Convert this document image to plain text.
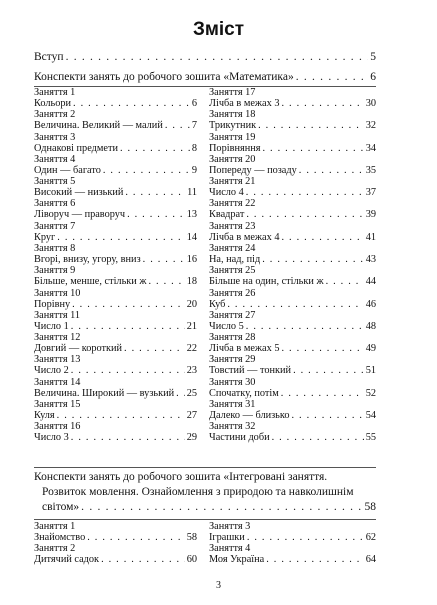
Зміст
Вступ . . .	5
Конспекти занять до робочого зошита «Математика» . . .	6
Заняття 1
Кольори . . .	6
Заняття 2
Величина. Великий — малий . . .	7
Заняття 3
Однакові предмети . . .	8
Заняття 4
Один — багато . . .	9
Заняття 5
Високий — низький . . .	11
Заняття 6
Ліворуч — праворуч . . .	13
Заняття 7
Круг . . .	14
Заняття 8
Вгорі, внизу, угору, вниз . . .	16
Заняття 9
Більше, менше, стільки ж . . .	18
Заняття 10
Порівну . . .	20
Заняття 11
Число 1 . . .	21
Заняття 12
Довгий — короткий . . .	22
Заняття 13
Число 2 . . .	23
Заняття 14
Величина. Широкий — вузький . . . 25
Заняття 15
Куля . . .	27
Заняття 16
Число 3 . . .	29
Заняття 17
Лічба в межах 3 . . .	30
Заняття 18
Трикутник . . .	32
Заняття 19
Порівняння . . .	34
Заняття 20
Попереду — позаду . . .	35
Заняття 21
Число 4 . . .	37
Заняття 22
Квадрат . . .	39
Заняття 23
Лічба в межах 4 . . .	41
Заняття 24
На, над, під . . .	43
Заняття 25
Більше на один, стільки ж . . .	44
Заняття 26
Куб . . .	46
Заняття 27
Число 5 . . .	48
Заняття 28
Лічба в межах 5 . . .	49
Заняття 29
Товстий — тонкий . . .	51
Заняття 30
Спочатку, потім . . .	52
Заняття 31
Далеко — близько . . .	54
Заняття 32
Частини доби . . .	55
Конспекти занять до робочого зошита «Інтегровані заняття.
Розвиток мовлення. Ознайомлення з природою та навколишнім
світом» . . .	58
Заняття 1
Знайомство . . .	58
Заняття 2
Дитячий садок . . .	60
Заняття 3
Іграшки . . .	62
Заняття 4
Моя Україна . . .	64
3
